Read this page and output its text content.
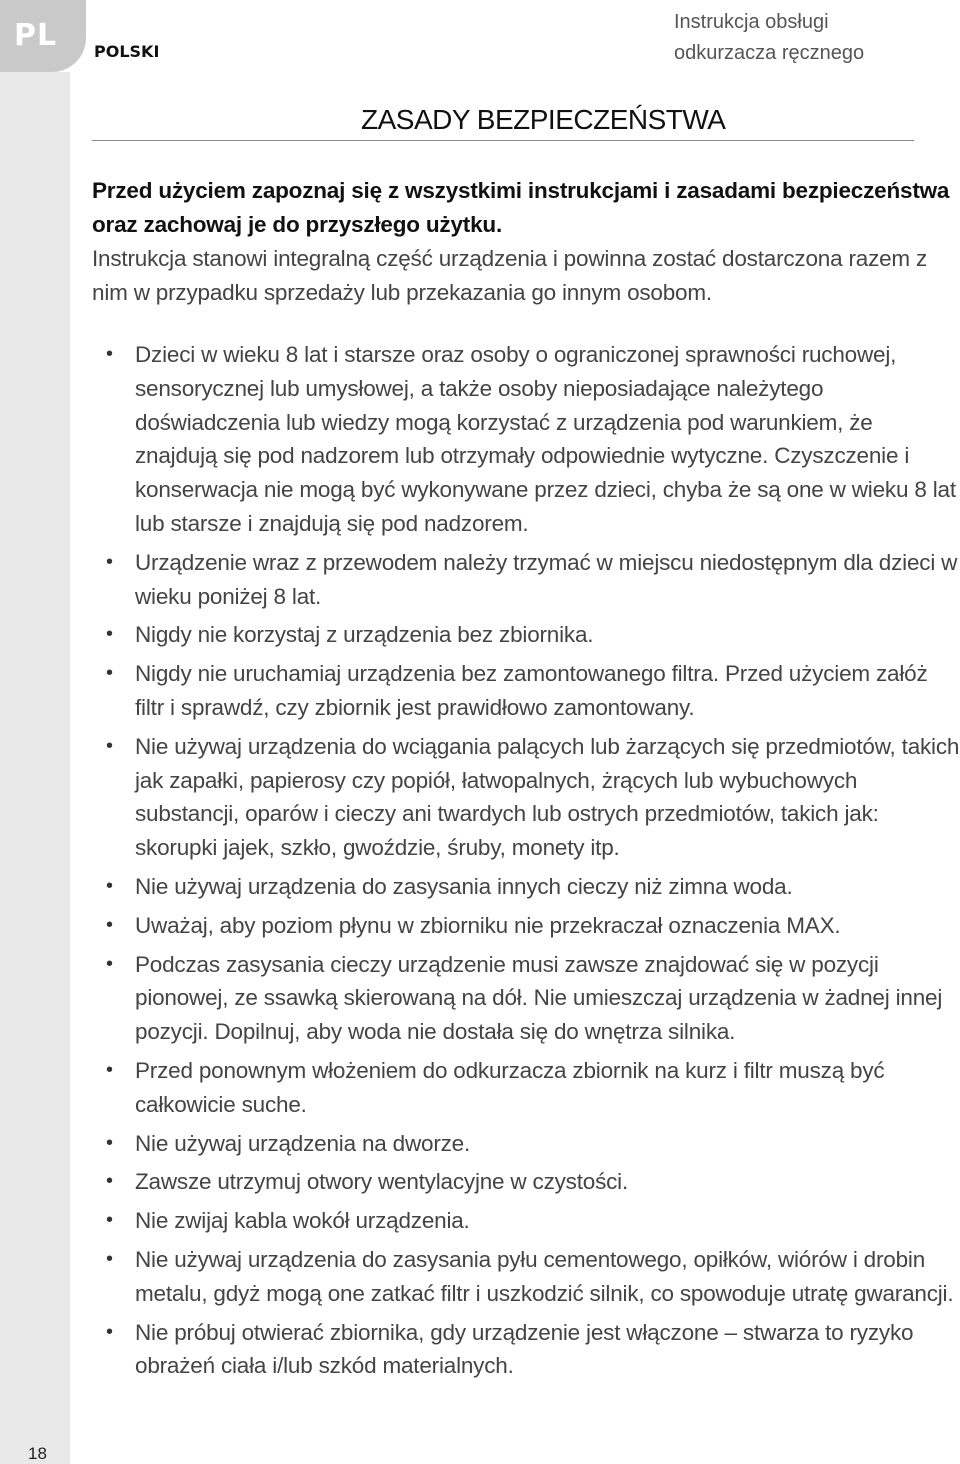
PL POLSKI
Instrukcja obsługi
odkurzacza ręcznego
18
ZASADY BEZPIECZEŃSTWA
Przed użyciem zapoznaj się z wszystkimi instrukcjami i zasadami bezpieczeństwa oraz zachowaj je do przyszłego użytku.
Instrukcja stanowi integralną część urządzenia i powinna zostać dostarczona razem z nim w przypadku sprzedaży lub przekazania go innym osobom.
• Dzieci w wieku 8 lat i starsze oraz osoby o ograniczonej sprawności ruchowej, sensorycznej lub umysłowej, a także osoby nieposiadające należytego doświadczenia lub wiedzy mogą korzystać z urządzenia pod warunkiem, że znajdują się pod nadzorem lub otrzymały odpowiednie wytyczne. Czyszczenie i konserwacja nie mogą być wykonywane przez dzieci, chyba że są one w wieku 8 lat lub starsze i znajdują się pod nadzorem.
• Urządzenie wraz z przewodem należy trzymać w miejscu niedostępnym dla dzieci w wieku poniżej 8 lat.
• Nigdy nie korzystaj z urządzenia bez zbiornika.
• Nigdy nie uruchamiaj urządzenia bez zamontowanego filtra. Przed użyciem załóż filtr i sprawdź, czy zbiornik jest prawidłowo zamontowany.
• Nie używaj urządzenia do wciągania palących lub żarzących się przedmiotów, takich jak zapałki, papierosy czy popiół, łatwopalnych, żrących lub wybuchowych substancji, oparów i cieczy ani twardych lub ostrych przedmiotów, takich jak: skorupki jajek, szkło, gwoździe, śruby, monety itp.
• Nie używaj urządzenia do zasysania innych cieczy niż zimna woda.
• Uważaj, aby poziom płynu w zbiorniku nie przekraczał oznaczenia MAX.
• Podczas zasysania cieczy urządzenie musi zawsze znajdować się w pozycji pionowej, ze ssawką skierowaną na dół. Nie umieszczaj urządzenia w żadnej innej pozycji. Dopilnuj, aby woda nie dostała się do wnętrza silnika.
• Przed ponownym włożeniem do odkurzacza zbiornik na kurz i filtr muszą być całkowicie suche.
• Nie używaj urządzenia na dworze.
• Zawsze utrzymuj otwory wentylacyjne w czystości.
• Nie zwijaj kabla wokół urządzenia.
• Nie używaj urządzenia do zasysania pyłu cementowego, opiłków, wiórów i drobin metalu, gdyż mogą one zatkać filtr i uszkodzić silnik, co spowoduje utratę gwarancji.
• Nie próbuj otwierać zbiornika, gdy urządzenie jest włączone – stwarza to ryzyko obrażeń ciała i/lub szkód materialnych.
